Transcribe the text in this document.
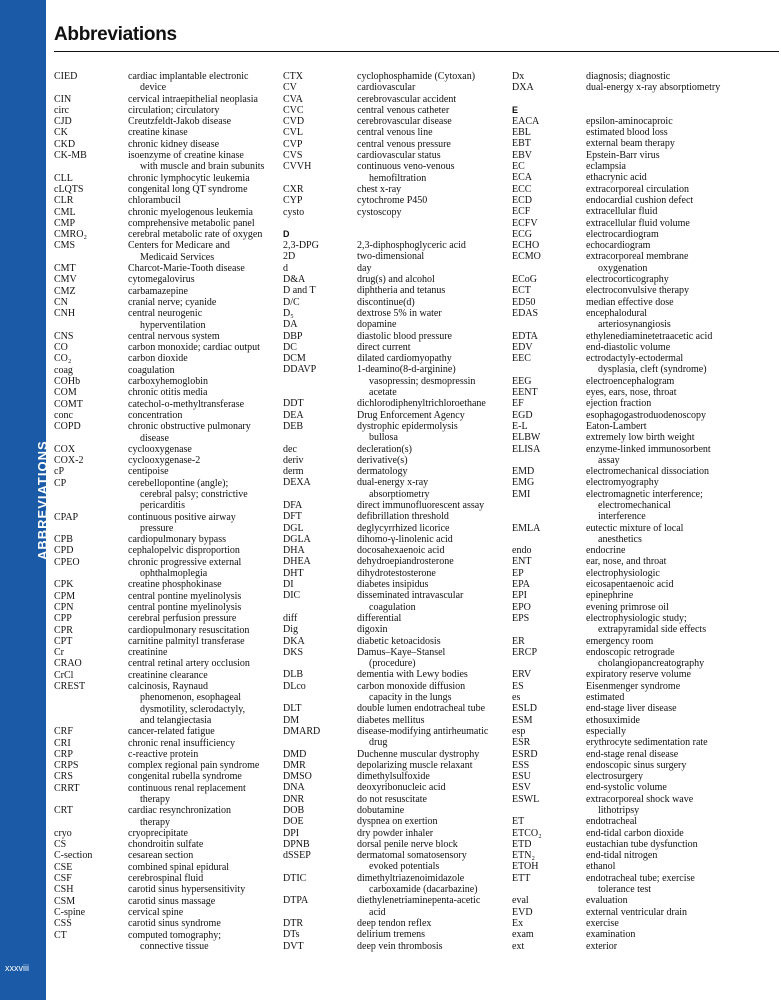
ABBREVIATIONS
xxxviii
Abbreviations
CIED	cardiac implantable electronic
device
CIN	cervical intraepithelial neoplasia
circ	circulation; circulatory
CJD	Creutzfeldt-Jakob disease
CK	creatine kinase
CKD	chronic kidney disease
CK-MB	isoenzyme of creatine kinase
with muscle and brain subunits
CLL	chronic lymphocytic leukemia
cLQTS	congenital long QT syndrome
CLR	chlorambucil
CML	chronic myelogenous leukemia
CMP	comprehensive metabolic panel
CMRO₂	cerebral metabolic rate of oxygen
CMS	Centers for Medicare and
Medicaid Services
CMT	Charcot-Marie-Tooth disease
CMV	cytomegalovirus
CMZ	carbamazepine
CN	cranial nerve; cyanide
CNH	central neurogenic
hyperventilation
CNS	central nervous system
CO	carbon monoxide; cardiac output
CO₂	carbon dioxide
coag	coagulation
COHb	carboxyhemoglobin
COM	chronic otitis media
COMT	catechol-o-methyltransferase
conc	concentration
COPD	chronic obstructive pulmonary
disease
COX	cyclooxygenase
COX-2	cyclooxygenase-2
cP	centipoise
CP	cerebellopontine (angle);
cerebral palsy; constrictive
pericarditis
CPAP	continuous positive airway
pressure
CPB	cardiopulmonary bypass
CPD	cephalopelvic disproportion
CPEO	chronic progressive external
ophthalmoplegia
CPK	creatine phosphokinase
CPM	central pontine myelinolysis
CPN	central pontine myelinolysis
CPP	cerebral perfusion pressure
CPR	cardiopulmonary resuscitation
CPT	carnitine palmityl transferase
Cr	creatinine
CRAO	central retinal artery occlusion
CrCl	creatinine clearance
CREST	calcinosis, Raynaud
phenomenon, esophageal
dysmotility, sclerodactyly,
and telangiectasia
CRF	cancer-related fatigue
CRI	chronic renal insufficiency
CRP	c-reactive protein
CRPS	complex regional pain syndrome
CRS	congenital rubella syndrome
CRRT	continuous renal replacement
therapy
CRT	cardiac resynchronization
therapy
cryo	cryoprecipitate
CS	chondroitin sulfate
C-section	cesarean section
CSE	combined spinal epidural
CSF	cerebrospinal fluid
CSH	carotid sinus hypersensitivity
CSM	carotid sinus massage
C-spine	cervical spine
CSS	carotid sinus syndrome
CT	computed tomography;
connective tissue
CTX	cyclophosphamide (Cytoxan)
CV	cardiovascular
CVA	cerebrovascular accident
CVC	central venous catheter
CVD	cerebrovascular disease
CVL	central venous line
CVP	central venous pressure
CVS	cardiovascular status
CVVH	continuous veno-venous
hemofiltration
CXR	chest x-ray
CYP	cytochrome P450
cysto	cystoscopy
D
2,3-DPG	2,3-diphosphoglyceric acid
2D	two-dimensional
d	day
D&A	drug(s) and alcohol
D and T	diphtheria and tetanus
D/C	discontinue(d)
D₅	dextrose 5% in water
DA	dopamine
DBP	diastolic blood pressure
DC	direct current
DCM	dilated cardiomyopathy
DDAVP	1-deamino(8-d-arginine)
vasopressin; desmopressin
acetate
DDT	dichlorodiphenyltrichloroethane
DEA	Drug Enforcement Agency
DEB	dystrophic epidermolysis
bullosa
dec	decleration(s)
deriv	derivative(s)
derm	dermatology
DEXA	dual-energy x-ray
absorptiometry
DFA	direct immunofluorescent assay
DFT	defibrillation threshold
DGL	deglycyrrhized licorice
DGLA	dihomo-γ-linolenic acid
DHA	docosahexaenoic acid
DHEA	dehydroepiandrosterone
DHT	dihydrotestosterone
DI	diabetes insipidus
DIC	disseminated intravascular
coagulation
diff	differential
Dig	digoxin
DKA	diabetic ketoacidosis
DKS	Damus–Kaye–Stansel
(procedure)
DLB	dementia with Lewy bodies
DLco	carbon monoxide diffusion
capacity in the lungs
DLT	double lumen endotracheal tube
DM	diabetes mellitus
DMARD	disease-modifying antirheumatic
drug
DMD	Duchenne muscular dystrophy
DMR	depolarizing muscle relaxant
DMSO	dimethylsulfoxide
DNA	deoxyribonucleic acid
DNR	do not resuscitate
DOB	dobutamine
DOE	dyspnea on exertion
DPI	dry powder inhaler
DPNB	dorsal penile nerve block
dSSEP	dermatomal somatosensory
evoked potentials
DTIC	dimethyltriazenoimidazole
carboxamide (dacarbazine)
DTPA	diethylenetriaminepenta-acetic
acid
DTR	deep tendon reflex
DTs	delirium tremens
DVT	deep vein thrombosis
Dx	diagnosis; diagnostic
DXA	dual-energy x-ray absorptiometry
E
EACA	epsilon-aminocaproic
EBL	estimated blood loss
EBT	external beam therapy
EBV	Epstein-Barr virus
EC	eclampsia
ECA	ethacrynic acid
ECC	extracorporeal circulation
ECD	endocardial cushion defect
ECF	extracellular fluid
ECFV	extracellular fluid volume
ECG	electrocardiogram
ECHO	echocardiogram
ECMO	extracorporeal membrane
oxygenation
ECoG	electrocorticography
ECT	electroconvulsive therapy
ED50	median effective dose
EDAS	encephalodural
arteriosynangiosis
EDTA	ethylenediaminetetraacetic acid
EDV	end-diastolic volume
EEC	ectrodactyly-ectodermal
dysplasia, cleft (syndrome)
EEG	electroencephalogram
EENT	eyes, ears, nose, throat
EF	ejection fraction
EGD	esophagogastroduodenoscopy
E-L	Eaton-Lambert
ELBW	extremely low birth weight
ELISA	enzyme-linked immunosorbent
assay
EMD	electromechanical dissociation
EMG	electromyography
EMI	electromagnetic interference;
electromechanical
interference
EMLA	eutectic mixture of local
anesthetics
endo	endocrine
ENT	ear, nose, and throat
EP	electrophysiologic
EPA	eicosapentaenoic acid
EPI	epinephrine
EPO	evening primrose oil
EPS	electrophysiologic study;
extrapyramidal side effects
ER	emergency room
ERCP	endoscopic retrograde
cholangiopancreatography
ERV	expiratory reserve volume
ES	Eisenmenger syndrome
es	estimated
ESLD	end-stage liver disease
ESM	ethosuximide
esp	especially
ESR	erythrocyte sedimentation rate
ESRD	end-stage renal disease
ESS	endoscopic sinus surgery
ESU	electrosurgery
ESV	end-systolic volume
ESWL	extracorporeal shock wave
lithotripsy
ET	endotracheal
ETCO₂	end-tidal carbon dioxide
ETD	eustachian tube dysfunction
ETN₂	end-tidal nitrogen
ETOH	ethanol
ETT	endotracheal tube; exercise
tolerance test
eval	evaluation
EVD	external ventricular drain
Ex	exercise
exam	examination
ext	exterior
